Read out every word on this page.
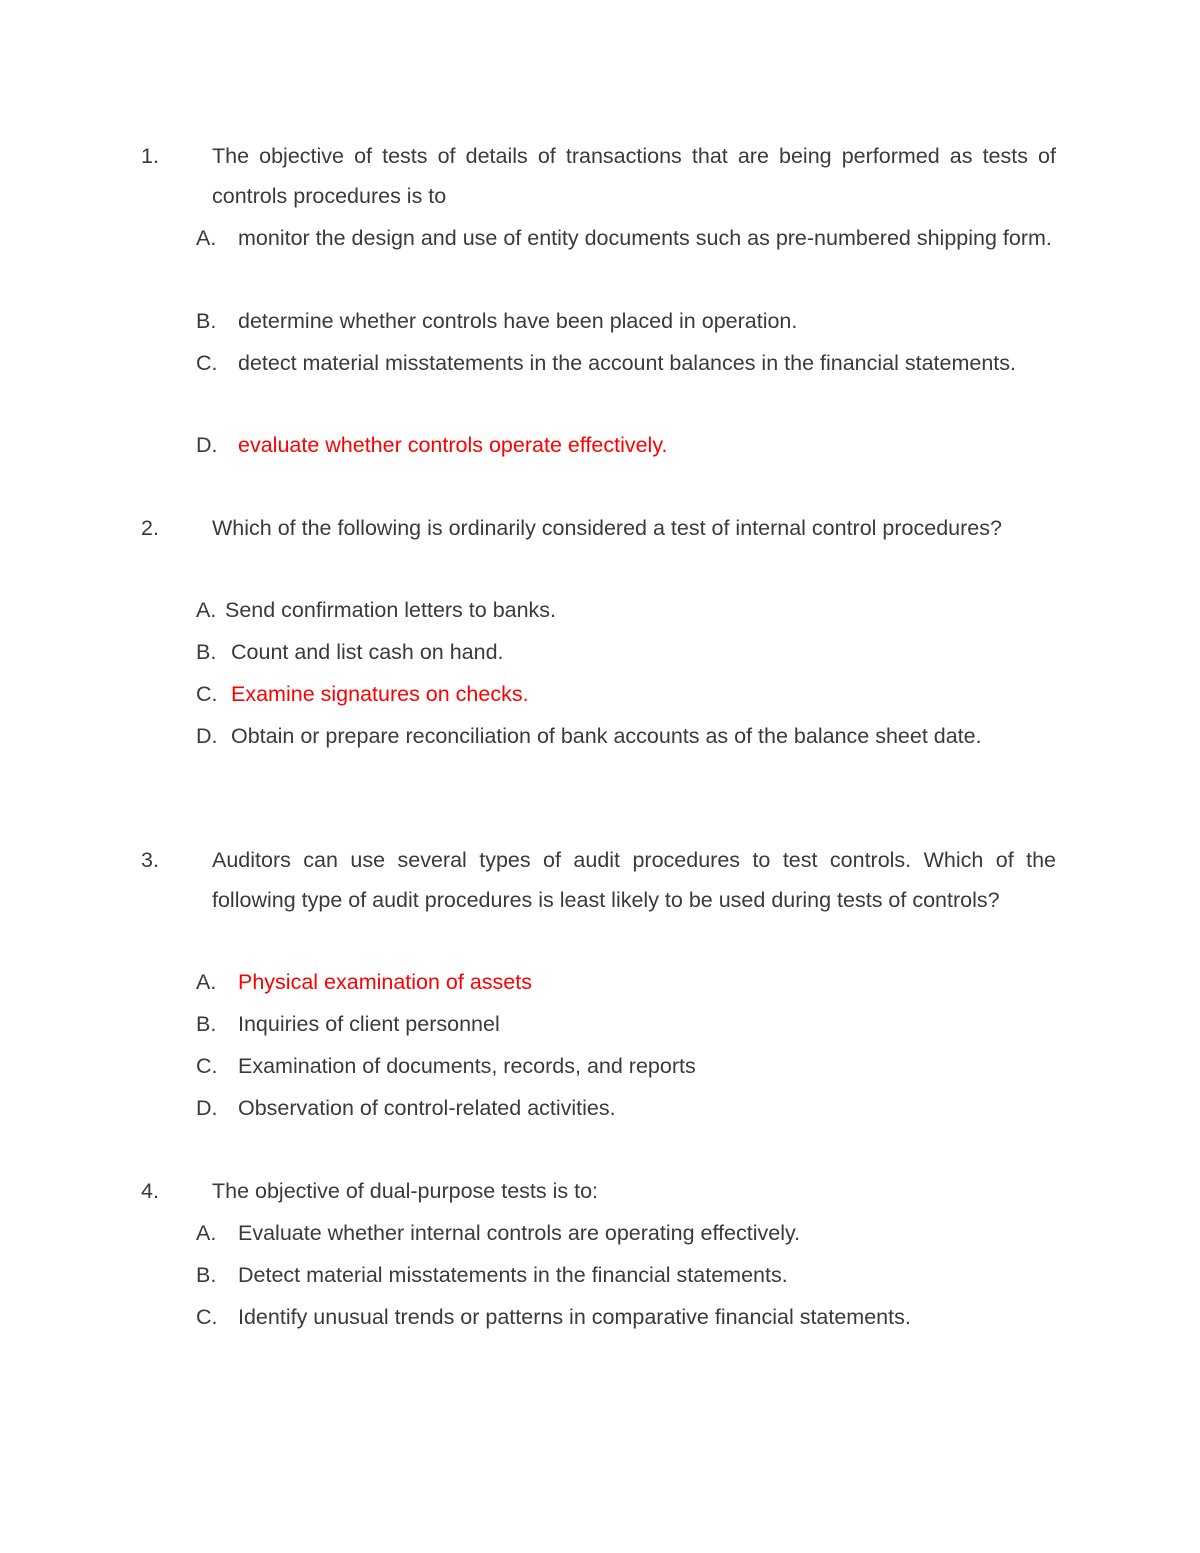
1. The objective of tests of details of transactions that are being performed as tests of controls procedures is to
A. monitor the design and use of entity documents such as pre-numbered shipping form.
B. determine whether controls have been placed in operation.
C. detect material misstatements in the account balances in the financial statements.
D. evaluate whether controls operate effectively.
2. Which of the following is ordinarily considered a test of internal control procedures?
A. Send confirmation letters to banks.
B. Count and list cash on hand.
C. Examine signatures on checks.
D. Obtain or prepare reconciliation of bank accounts as of the balance sheet date.
3. Auditors can use several types of audit procedures to test controls. Which of the following type of audit procedures is least likely to be used during tests of controls?
A. Physical examination of assets
B. Inquiries of client personnel
C. Examination of documents, records, and reports
D. Observation of control-related activities.
4. The objective of dual-purpose tests is to:
A. Evaluate whether internal controls are operating effectively.
B. Detect material misstatements in the financial statements.
C. Identify unusual trends or patterns in comparative financial statements.
